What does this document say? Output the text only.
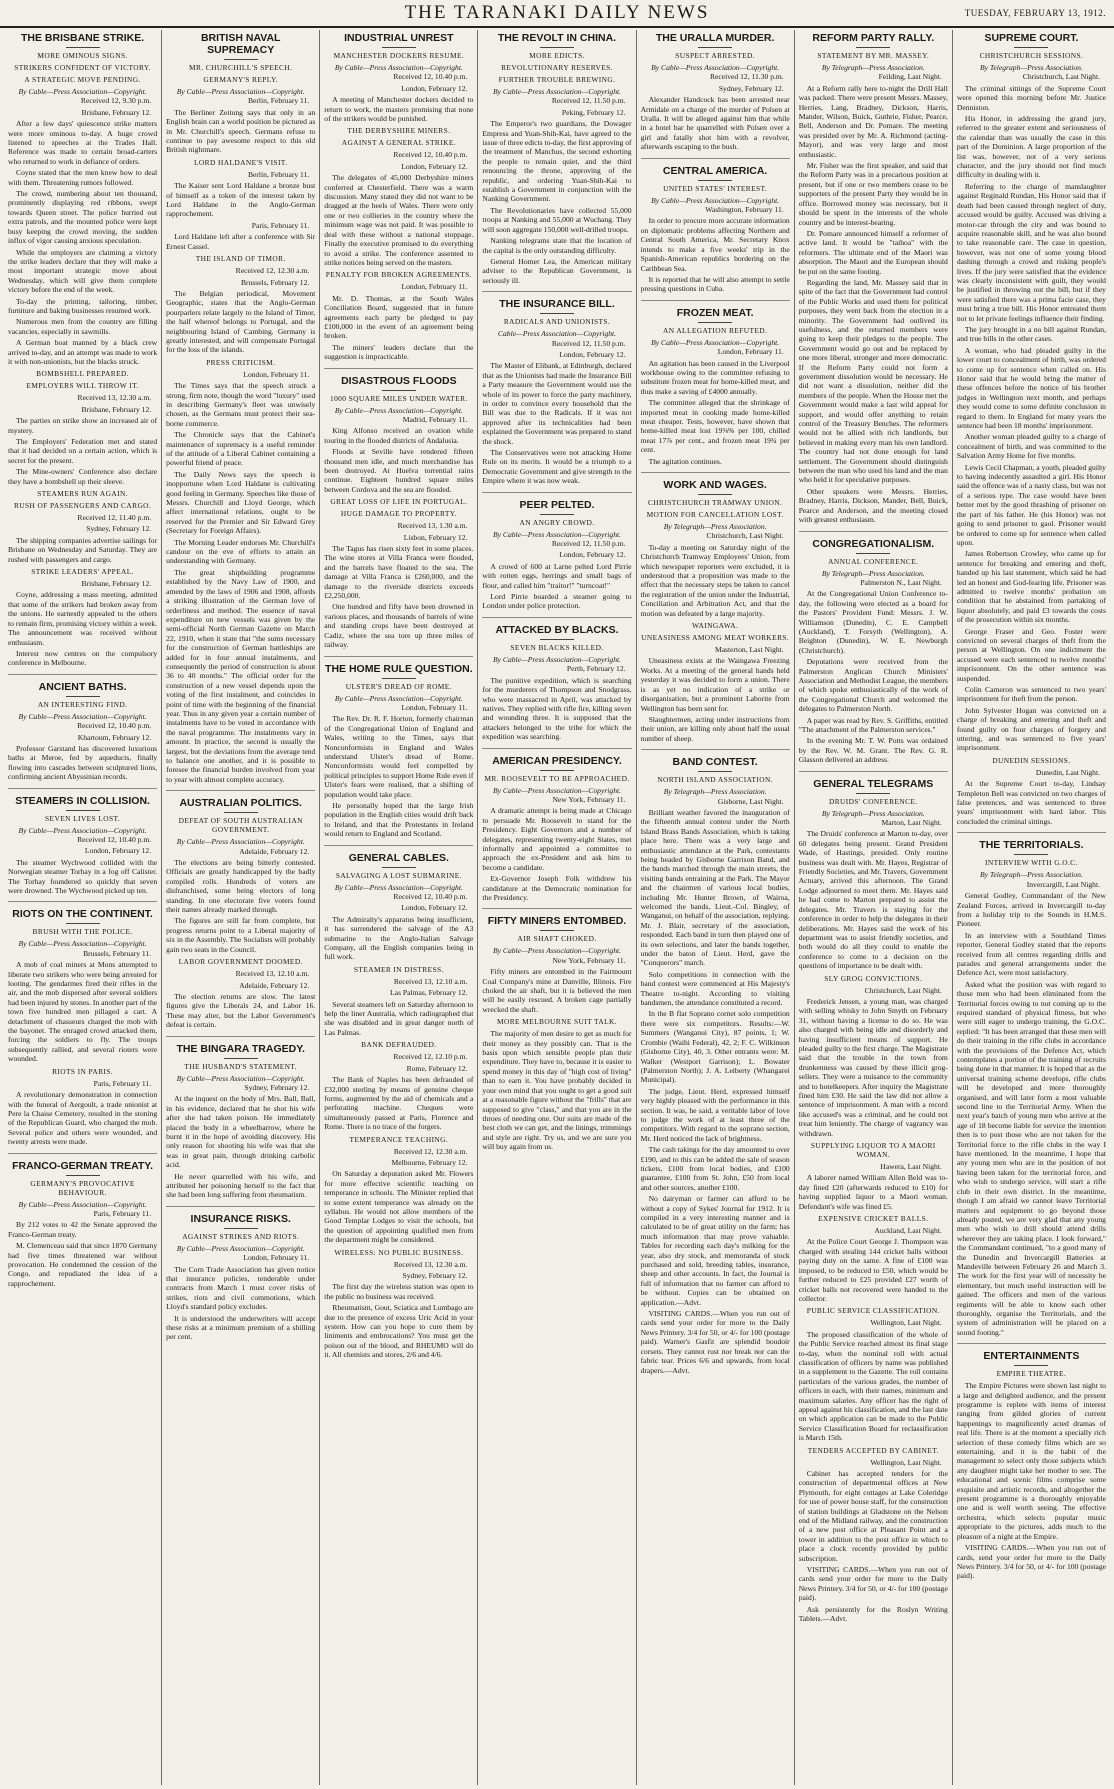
THE TARANAKI DAILY NEWS	TUESDAY, FEBRUARY 13, 1912.
THE BRISBANE STRIKE.
MORE OMINOUS SIGNS.
STRIKERS CONFIDENT OF VICTORY.
A STRATEGIC MOVE PENDING.
By Cable—Press Association—Copyright.
Received 12, 9.30 p.m.
Brisbane, February 12.
After a few days' quiescence strike matters were more ominous to-day. A huge crowd listened to speeches at the Trades Hall. Reference was made to certain broad-carters who returned to work in defiance of orders.
Coyne stated that the men knew how to deal with them. Threatening rumors followed.
The crowd, numbering about ten thousand, prominently displaying red ribbons, swept towards Queen street. The police hurried out extra patrols, and the mounted police were kept busy keeping the crowd moving, the sudden influx of vigor causing anxious speculation.
While the employers are claiming a victory the strike leaders declare that they will make a most important strategic move about Wednesday, which will give them complete victory before the end of the week.
To-day the printing, tailoring, timber, furniture and baking businesses resumed work.
Numerous men from the country are filling vacancies, especially in sawmills.
A German boat manned by a black crew arrived to-day, and an attempt was made to work it with non-unionists, but the blacks struck.
BOMBSHELL PREPARED.
EMPLOYERS WILL THROW IT.
Received 13, 12.30 a.m.
Brisbane, February 12.
The parties on strike show an increased air of mystery.
The Employers' Federation met and stated that it had decided on a certain action, which is secret for the present.
The Mine-owners' Conference also declare they have a bombshell up their sleeve.
STEAMERS RUN AGAIN.
RUSH OF PASSENGERS AND CARGO.
Received 12, 11.40 p.m.
Sydney, February 12.
The shipping companies advertise sailings for Brisbane on Wednesday and Saturday. They are rushed with passengers and cargo.
STRIKE LEADERS' APPEAL.
Brisbane, February 12.
Coyne, addressing a mass meeting, admitted that some of the strikers had broken away from the unions. He earnestly appealed to the others to remain firm, promising victory within a week. The announcement was received without enthusiasm.
Interest now centres on the compulsory conference in Melbourne.
ANCIENT BATHS.
AN INTERESTING FIND.
By Cable—Press Association—Copyright.
Received 12, 10.40 p.m.
Khartoum, February 12.
Professor Garstand has discovered luxurious baths at Meroe, fed by aqueducts, finally flowing into cascades between sculptured lions, confirming ancient Abyssinian records.
STEAMERS IN COLLISION.
SEVEN LIVES LOST.
By Cable—Press Association—Copyright.
Received 12, 10.40 p.m.
London, February 12.
The steamer Wychwood collided with the Norwegian steamer Torhay in a fog off Calister. The Torhay foundered so quickly that seven were drowned. The Wychwood picked up ten.
RIOTS ON THE CONTINENT.
BRUSH WITH THE POLICE.
By Cable—Press Association—Copyright.
Brussels, February 11.
A mob of coal miners at Mons attempted to liberate two strikers who were being arrested for looting. The gendarmes fired their rifles in the air, and the mob dispersed after several soldiers had been injured by stones. In another part of the town five hundred men pillaged a cart. A detachment of chasseurs charged the mob with the bayonet. The enraged crowd attacked them, forcing the soldiers to fly. The troops subsequently rallied, and several rioters were wounded.
RIOTS IN PARIS.
Paris, February 11.
A revolutionary demonstration in connection with the funeral of Aergoult, a trade unionist at Pere la Chaise Cemetery, resulted in the stoning of the Republican Guard, who charged the mob. Several police and others were wounded, and twenty arrests were made.
FRANCO-GERMAN TREATY.
GERMANY'S PROVOCATIVE BEHAVIOUR.
By Cable—Press Association—Copyright.
Paris, February 11.
By 212 votes to 42 the Senate approved the Franco-German treaty.
M. Clemenceau said that since 1870 Germany had five times threatened war without provocation. He condemned the cession of the Congo, and repudiated the idea of a rapprochement.
BRITISH NAVAL SUPREMACY
MR. CHURCHILL'S SPEECH.
GERMANY'S REPLY.
By Cable—Press Association—Copyright.
Berlin, February 11.
The Berliner Zeitung says that only in an English brain can a world position be pictured as in Mr. Churchill's speech. Germans refuse to continue to pay awesome respect to this old British nightmare.
LORD HALDANE'S VISIT.
Berlin, February 11.
The Kaiser sent Lord Haldane a bronze bust of himself as a token of the interest taken by Lord Haldane in the Anglo-German rapprochement.
Paris, February 11.
Lord Haldane left after a conference with Sir Ernest Cassel.
THE ISLAND OF TIMOR.
Received 12, 12.30 a.m.
Brussels, February 12.
The Belgian periodical, Movement Geographic, states that the Anglo-German pourparlers relate largely to the Island of Timor, the half whereof belongs to Portugal, and the neighbouring Island of Cambing. Germany is greatly interested, and will compensate Portugal for the loss of the islands.
PRESS CRITICISM.
London, February 11.
The Times says that the speech struck a strong, firm note, though the word "luxury" used in describing Germany's fleet was unwisely chosen, as the Germans must protect their sea-borne commerce.
The Chronicle says that the Cabinet's maintenance of supremacy is a useful reminder of the attitude of a Liberal Cabinet containing a powerful friend of peace.
The Daily News says the speech is inopportune when Lord Haldane is cultivating good feeling in Germany. Speeches like those of Messrs. Churchill and Lloyd George, which affect international relations, ought to be reserved for the Premier and Sir Edward Grey (Secretary for Foreign Affairs).
The Morning Leader endorses Mr. Churchill's candour on the eve of efforts to attain an understanding with Germany.
The great shipbuilding programme established by the Navy Law of 1900, and amended by the laws of 1906 and 1908, affords a striking illustration of the German love of orderliness and method. The essence of naval expenditure on new vessels was given by the semi-official North German Gazette on March 22, 1910, when it state that "the sums necessary for the construction of German battleships are added for in four annual instalments, and consequently the period of construction is about 36 to 40 months." The official order for the construction of a new vessel depends upon the voting of the first instalment, and coincides in point of time with the beginning of the financial year. Thus in any given year a certain number of instalments have to be voted in accordance with the naval programme. The instalments vary in amount. In practice, the second is usually the largest, but the deviations from the average tend to balance one another, and it is possible to foresee the financial burden involved from year to year with almost complete accuracy.
AUSTRALIAN POLITICS.
DEFEAT OF SOUTH AUSTRALIAN GOVERNMENT.
By Cable—Press Association—Copyright.
Adelaide, February 12.
The elections are being bitterly contested. Officials are greatly handicapped by the badly compiled rolls. Hundreds of voters are disfranchised, some being electors of long standing. In one electorate five voters found their names already marked through.
The figures are still far from complete, but progress returns point to a Liberal majority of six in the Assembly. The Socialists will probably gain two seats in the Council.
LABOR GOVERNMENT DOOMED.
Received 13, 12.10 a.m.
Adelaide, February 12.
The election returns are slow. The latest figures give the Liberals 24, and Labor 16. These may alter, but the Labor Government's defeat is certain.
THE BINGARA TRAGEDY.
THE HUSBAND'S STATEMENT.
By Cable—Press Association—Copyright.
Sydney, February 12.
At the inquest on the body of Mrs. Ball, Ball, in his evidence, declared that he shot his wife after she had taken poison. He immediately placed the body in a wheelbarrow, where he burnt it in the hope of avoiding discovery. His only reason for shooting his wife was that she was in great pain, through drinking carbolic acid.
He never quarrelled with his wife, and attributed her poisoning herself to the fact that she had been long suffering from rheumatism.
INSURANCE RISKS.
AGAINST STRIKES AND RIOTS.
By Cable—Press Association—Copyright.
London, February 11.
The Corn Trade Association has given notice that insurance policies, tenderable under contracts from March 1 must cover risks of strikes, riots and civil commotions, which Lloyd's standard policy excludes.
It is understood the underwriters will accept these risks at a minimum premium of a shilling per cent.
INDUSTRIAL UNREST
MANCHESTER DOCKERS RESUME.
By Cable—Press Association—Copyright.
Received 12, 10.40 p.m.
London, February 12.
A meeting of Manchester dockers decided to return to work, the masters promising that none of the strikers would be punished.
THE DERBYSHIRE MINERS.
AGAINST A GENERAL STRIKE.
Received 12, 10.40 p.m.
London, February 12.
The delegates of 45,000 Derbyshire miners conferred at Chesterfield. There was a warm discussion. Many stated they did not want to be dragged at the heels of Wales. There were only one or two collieries in the country where the minimum wage was not paid. It was possible to deal with these without a national stoppage. Finally the executive promised to do everything to avoid a strike. The conference assented to strike notices being served on the masters.
PENALTY FOR BROKEN AGREEMENTS.
London, February 11.
Mr. D. Thomas, at the South Wales Conciliation Board, suggested that in future agreements each party be pledged to pay £100,000 in the event of an agreement being broken.
The miners' leaders declare that the suggestion is impracticable.
DISASTROUS FLOODS
1000 SQUARE MILES UNDER WATER.
By Cable—Press Association—Copyright.
Madrid, February 11.
King Alfonso received an ovation while touring in the flooded districts of Andalusia.
Floods at Seville have rendered fifteen thousand men idle, and much merchandise has been destroyed. At Huelva torrential rains continue. Eighteen hundred square miles between Cordova and the sea are flooded.
GREAT LOSS OF LIFE IN PORTUGAL.
HUGE DAMAGE TO PROPERTY.
Received 13, 1.30 a.m.
Lisbon, February 12.
The Tagus has risen sixty feet in some places. The wine stores at Villa Franca were flooded, and the barrels have floated to the sea. The damage at Villa Franca is £260,000, and the damage to the riverside districts exceeds £2,250,000.
One hundred and fifty have been drowned in various places, and thousands of barrels of wine and standing crops have been destroyed at Cadiz, where the sea tore up three miles of railway.
THE HOME RULE QUESTION.
ULSTER'S DREAD OF ROME.
By Cable—Press Association—Copyright.
London, February 11.
The Rev. Dr. R. F. Horton, formerly chairman of the Congregational Union of England and Wales, writing to the Times, says that Nonconformists in England and Wales understand Ulster's dread of Rome. Nonconformists would feel compelled by political principles to support Home Rule even if Ulster's fears were realised, that a shifting of population would take place.
He personally hoped that the large Irish population in the English cities would drift back to Ireland, and that the Protestants in Ireland would return to England and Scotland.
GENERAL CABLES.
SALVAGING A LOST SUBMARINE.
By Cable—Press Association—Copyright.
Received 12, 10.40 p.m.
London, February 12.
The Admiralty's apparatus being insufficient, it has surrendered the salvage of the A3 submarine to the Anglo-Italian Salvage Company, all the English companies being in full work.
STEAMER IN DISTRESS.
Received 13, 12.10 a.m.
Las Palmas, February 12.
Several steamers left on Saturday afternoon to help the liner Australia, which radiographed that she was disabled and in great danger north of Las Palmas.
BANK DEFRAUDED.
Received 12, 12.10 p.m.
Rome, February 12.
The Bank of Naples has been defrauded of £32,000 sterling by means of genuine cheque forms, augmented by the aid of chemicals and a perforating machine. Cheques were simultaneously passed at Paris, Florence and Rome. There is no trace of the forgers.
TEMPERANCE TEACHING.
Received 12, 12.30 a.m.
Melbourne, February 12.
On Saturday a deputation asked Mr. Flowers for more effective scientific teaching on temperance in schools. The Minister replied that to some extent temperance was already on the syllabus. He would not allow members of the Good Templar Lodges to visit the schools, but the question of appointing qualified men from the department might be considered.
WIRELESS: NO PUBLIC BUSINESS.
Received 13, 12.30 a.m.
Sydney, February 12.
The first day the wireless station was open to the public no business was received.
Rheumatism, Gout, Sciatica and Lumbago are due to the presence of excess Uric Acid in your system. How can you hope to cure them by liniments and embrocations? You must get the poison out of the blood, and RHEUMO will do it. All chemists and stores, 2/6 and 4/6.
THE REVOLT IN CHINA.
MORE EDICTS.
REVOLUTIONARY RESERVES.
FURTHER TROUBLE BREWING.
By Cable—Press Association—Copyright.
Received 12, 11.50 p.m.
Peking, February 12.
The Emperor's two guardians, the Dowager Empress and Yuan-Shih-Kai, have agreed to the issue of three edicts to-day, the first approving of the treatment of Manchus, the second exhorting the people to remain quiet, and the third renouncing the throne, approving of the republic, and ordering Yuan-Shih-Kai to establish a Government in conjunction with the Nanking Government.
The Revolutionaries have collected 55,000 troops at Nanking and 55,000 at Wuchang. They will soon aggregate 150,000 well-drilled troops.
Nanking telegrams state that the location of the capital is the only outstanding difficulty.
General Homer Lea, the American military adviser to the Republican Government, is seriously ill.
THE INSURANCE BILL.
RADICALS AND UNIONISTS.
Cable—Press Association—Copyright.
Received 12, 11.50 p.m.
London, February 12.
The Master of Elibank, at Edinburgh, declared that as the Unionists had made the Insurance Bill a Party measure the Government would use the whole of its power to force the party machinery, in order to convince every household that the Bill was due to the Radicals. If it was not approved after its technicalities had been explained the Government was prepared to stand the shock.
The Conservatives were not attacking Home Rule on its merits. It would be a triumph to a Democratic Government and give strength to the Empire where it was now weak.
PEER PELTED.
AN ANGRY CROWD.
By Cable—Press Association—Copyright.
Received 12, 11.50 p.m.
London, February 12.
A crowd of 600 at Larne pelted Lord Pirrie with rotten eggs, herrings and small bags of flour, and called him "traitor!" "turncoat!"
Lord Pirrie boarded a steamer going to London under police protection.
ATTACKED BY BLACKS.
SEVEN BLACKS KILLED.
By Cable—Press Association—Copyright.
Perth, February 12.
The punitive expedition, which is searching for the murderers of Thompson and Snodgrass, who were massacred in April, was attacked by natives. They replied with rifle fire, killing seven and wounding three. It is supposed that the attackers belonged to the tribe for which the expedition was searching.
AMERICAN PRESIDENCY.
MR. ROOSEVELT TO BE APPROACHED.
By Cable—Press Association—Copyright.
New York, February 11.
A dramatic attempt is being made at Chicago to persuade Mr. Roosevelt to stand for the Presidency. Eight Governors and a number of delegates, representing twenty-eight States, met informally and appointed a committee to approach the ex-President and ask him to become a candidate.
Ex-Governor Joseph Folk withdrew his candidature at the Democratic nomination for the Presidency.
FIFTY MINERS ENTOMBED.
AIR SHAFT CHOKED.
By Cable—Press Association—Copyright.
New York, February 11.
Fifty miners are entombed in the Fairmount Coal Company's mine at Danville, Illinois. Fire choked the air shaft, but it is believed the men will be easily rescued. A broken cage partially wrecked the shaft.
MORE MELBOURNE SUIT TALK.
The majority of men desire to get as much for their money as they possibly can. That is the basis upon which sensible people plan their expenditure. They have to, because it is easier to spend money in this day of "high cost of living" than to earn it. You have probably decided in your own mind that you ought to get a good suit at a reasonable figure without the "frills" that are supposed to give "class," and that you are in the throes of needing one. Our suits are made of the best cloth we can get, and the linings, trimmings and style are right. Try us, and we are sure you will buy again from us.
THE URALLA MURDER.
SUSPECT ARRESTED.
By Cable—Press Association—Copyright.
Received 12, 11.30 p.m.
Sydney, February 12.
Alexander Handcock has been arrested near Armidale on a charge of the murder of Polsen at Uralla. It will be alleged against him that while in a hotel bar he quarrelled with Polsen over a girl and fatally shot him with a revolver, afterwards escaping to the bush.
CENTRAL AMERICA.
UNITED STATES' INTEREST.
By Cable—Press Association—Copyright.
Washington, February 11.
In order to procure more accurate information on diplomatic problems affecting Northern and Central South America, Mr. Secretary Knox intends to make a five weeks' trip in the Spanish-American republics bordering on the Caribbean Sea.
It is reported that he will also attempt to settle pressing questions in Cuba.
FROZEN MEAT.
AN ALLEGATION REFUTED.
By Cable—Press Association—Copyright.
London, February 11.
An agitation has been caused in the Liverpool workhouse owing to the committee refusing to substitute frozen meat for home-killed meat, and thus make a saving of £4000 annually.
The committee alleged that the shrinkage of imported meat in cooking made home-killed meat cheaper. Tests, however, have shown that home-killed meat lost 19⅝% per 100, chilled meat 17⅞ per cent., and frozen meat 19¾ per cent.
The agitation continues.
WORK AND WAGES.
CHRISTCHURCH TRAMWAY UNION.
MOTION FOR CANCELLATION LOST.
By Telegraph—Press Association.
Christchurch, Last Night.
To-day a meeting on Saturday night of the Christchurch Tramway Employees' Union, from which newspaper reporters were excluded, it is understood that a proposition was made to the effect that the necessary steps be taken to cancel the registration of the union under the Industrial, Conciliation and Arbitration Act, and that the motion was defeated by a large majority.
WAINGAWA.
UNEASINESS AMONG MEAT WORKERS.
Masterton, Last Night.
Uneasiness exists at the Waingawa Freezing Works. At a meeting of the general hands held yesterday it was decided to form a union. There is as yet no indication of a strike or disorganisation, but a prominent Laborite from Wellington has been sent for.
Slaughtermen, acting under instructions from their union, are killing only about half the usual number of sheep.
BAND CONTEST.
NORTH ISLAND ASSOCIATION.
By Telegraph—Press Association.
Gisborne, Last Night.
Brilliant weather favored the inauguration of the fifteenth annual contest under the North Island Brass Bands Association, which is taking place here. There was a very large and enthusiastic attendance at the Park, contestants being headed by Gisborne Garrison Band, and the bands marched through the main streets, the visiting bands entraining at the Park. The Mayor and the chairmen of various local bodies, including Mr. Hunter Brown, of Wairoa, welcomed the bands, Lieut.-Col. Bingley, of Wanganui, on behalf of the association, replying. Mr. J. Blair, secretary of the association, responded. Each band in turn then played one of its own selections, and later the bands together, under the baton of Lieut. Herd, gave the "Conquerors" march.
Solo competitions in connection with the band contest were commenced at His Majesty's Theatre to-night. According to visiting bandsmen, the attendance constituted a record.
In the B flat Soprano cornet solo competition there were six competitors. Results:—W. Summers (Wanganui City), 87 points, 1; W. Crombie (Waihi Federal), 42, 2; F. C. Wilkinson (Gisborne City), 40, 3. Other entrants were: M. Walker (Westport Garrison); L. Bowater (Palmerston North); J. A. Leiberty (Whangarei Municipal).
The judge, Lieut. Herd, expressed himself very highly pleased with the performance in this section. It was, he said, a veritable labor of love to judge the work of at least three of the competitors. With regard to the soprano section, Mr. Herd noticed the lack of brightness.
The cash takings for the day amounted to over £190, and to this can be added the sale of season tickets, £100 from local bodies, and £100 guarantee, £100 from St. John, £50 from local and other sources, another £100.
No dairyman or farmer can afford to be without a copy of Sykes' Journal for 1912. It is compiled in a very interesting manner and is calculated to be of great utility on the farm; has much information that may prove valuable. Tables for recording each day's milking for the year, also dry stock, and memoranda of stock purchased and sold, breeding tables, insurance, sheep and other accounts. In fact, the Journal is full of information that no farmer can afford to be without. Copies can be obtained on application.—Advt.
VISITING CARDS.—When you run out of cards send your order for more to the Daily News Printery. 3/4 for 50, or 4/- for 100 (postage paid). Warner's Gasfit are splendid boudoir corsets. They cannot rust nor break nor can the fabric tear. Prices 6/6 and upwards, from local drapers.—Advt.
REFORM PARTY RALLY.
STATEMENT BY MR. MASSEY.
By Telegraph—Press Association.
Feilding, Last Night.
At a Reform rally here to-night the Drill Hall was packed. There were present Messrs. Massey, Herries, Lang, Bradney, Dickson, Harris, Mander, Wilson, Buick, Guthrie, Fisher, Pearce, Bell, Anderson and Dr. Pomare. The meeting was presided over by Mr. A. Richmond (acting-Mayor), and was very large and most enthusiastic.
Mr. Fisher was the first speaker, and said that the Reform Party was in a precarious position at present, but if one or two members cease to be supporters of the present Party they would be in office. Borrowed money was necessary, but it should be spent in the interests of the whole country and be interest-bearing.
Dr. Pomare announced himself a reformer of active land. It would be "taihoa" with the reformers. The ultimate end of the Maori was absorption. The Maori and the European should be put on the same footing.
Regarding the land, Mr. Massey said that in spite of the fact that the Government had control of the Public Works and used them for political purposes, they went back from the election in a minority. The Government had outlived its usefulness, and the returned members were going to keep their pledges to the people. The Government would go out and be replaced by one more liberal, stronger and more democratic. If the Reform Party could not form a government dissolution would be necessary. He did not want a dissolution, neither did the members of the people. When the House met the Government would make a last wild appeal for support, and would offer anything to retain control of the Treasury Benches. The reformers would not be allied with rich landlords, but believed in making every man his own landlord. The country had not done enough for land settlement. The Government should distinguish between the man who used his land and the man who held it for speculative purposes.
Other speakers were Messrs. Herries, Bradney, Harris, Dickson, Mander, Bell, Buick, Pearce and Anderson, and the meeting closed with greatest enthusiasm.
CONGREGATIONALISM.
ANNUAL CONFERENCE.
By Telegraph—Press Association.
Palmerston N., Last Night.
At the Congregational Union Conference to-day, the following were elected as a board for the Pastors' Provident Fund: Messrs. J. W. Williamson (Dunedin), C. E. Campbell (Auckland), T. Forsyth (Wellington), A. Beighton (Dunedin), W. E. Newburgh (Christchurch).
Deputations were received from the Palmerston Anglican Church Ministers' Association and Methodist League, the members of which spoke enthusiastically of the work of the Congregational Church and welcomed the delegates to Palmerston North.
A paper was read by Rev. S. Griffiths, entitled "The attachment of the Palmerston services."
In the evening Mr. T. W. Potts was ordained by the Rev. W. M. Grant. The Rev. G. R. Glasson delivered an address.
GENERAL TELEGRAMS
DRUIDS' CONFERENCE.
By Telegraph—Press Association.
Marton, Last Night.
The Druids' conference at Marton to-day, over 60 delegates being present. Grand President Wade, of Hastings, presided. Only routine business was dealt with. Mr. Hayes, Registrar of Friendly Societies, and Mr. Travers, Government Actuary, arrived this afternoon. The Grand Lodge adjourned to meet them. Mr. Hayes said he had come to Marton prepared to assist the delegates. Mr. Travers is staying for the conference in order to help the delegates in their deliberations. Mr. Hayes said the work of his department was to assist friendly societies, and both would do all they could to enable the conference to come to a decision on the questions of importance to be dealt with.
SLY GROG CONVICTIONS.
Christchurch, Last Night.
Frederick Jensen, a young man, was charged with selling whisky to John Smyth on February 31, without having a license to do so. He was also charged with being idle and disorderly and having insufficient means of support. He pleaded guilty to the first charge. The Magistrate said that the trouble in the town from drunkenness was caused by these illicit grog-sellers. They were a nuisance to the community and to hotelkeepers. After inquiry the Magistrate fined him £30. He said the law did not allow a sentence of imprisonment. A man with a record like accused's was a criminal, and he could not treat him leniently. The charge of vagrancy was withdrawn.
SUPPLYING LIQUOR TO A MAORI WOMAN.
Hawera, Last Night.
A laborer named William Allen Beld was to-day fined £20 (afterwards reduced to £10) for having supplied liquor to a Maori woman. Defendant's wife was fined £5.
EXPENSIVE CRICKET BALLS.
Auckland, Last Night.
At the Police Court George J. Thompson was charged with stealing 144 cricket balls without paying duty on the same. A fine of £100 was imposed, to be reduced to £50, which would be further reduced to £25 provided £27 worth of cricket balls not recovered were handed to the collector.
PUBLIC SERVICE CLASSIFICATION.
Wellington, Last Night.
The proposed classification of the whole of the Public Service reached almost its final stage to-day, when the nominal roll with actual classification of officers by name was published in a supplement to the Gazette. The roll contains particulars of the various grades, the number of officers in each, with their names, minimum and maximum salaries. Any officer has the right of appeal against his classification, and the last date on which application can be made to the Public Service Classification Board for reclassification is March 15th.
TENDERS ACCEPTED BY CABINET.
Wellington, Last Night.
Cabinet has accepted tenders for the construction of departmental offices at New Plymouth, for eight cottages at Lake Coleridge for use of power house staff, for the construction of station buildings at Gladstone on the Nelson end of the Midland railway, and the construction of a new post office at Pleasant Point and a tower in addition to the post office in which to place a clock recently provided by public subscription.
VISITING CARDS.—When you run out of cards send your order for more to the Daily News Printery. 3/4 for 50, or 4/- for 100 (postage paid).
Ask persistently for the Roslyn Writing Tablets.—Advt.
SUPREME COURT.
CHRISTCHURCH SESSIONS.
By Telegraph—Press Association.
Christchurch, Last Night.
The criminal sittings of the Supreme Court were opened this morning before Mr. Justice Denniston.
His Honor, in addressing the grand jury, referred to the greater extent and seriousness of the calendar than was usually the case in this part of the Dominion. A large proportion of the list was, however, not of a very serious character, and the jury should not find much difficulty in dealing with it.
Referring to the charge of manslaughter against Reginald Rundan, His Honor said that if death had been caused through neglect of duty, accused would be guilty. Accused was driving a motor-car through the city and was bound to acquire reasonable skill, and he was also bound to take reasonable care. The case in question, however, was not one of some young blood dashing through a crowd and risking people's lives. If the jury were satisfied that the evidence was clearly inconsistent with guilt, they would be justified in throwing out the bill, but if they were satisfied there was a prima facie case, they must bring a true bill. His Honor entreated them not to let private feelings influence their finding.
The jury brought in a no bill against Rundan, and true bills in the other cases.
A woman, who had pleaded guilty in the lower court to concealment of birth, was ordered to come up for sentence when called on. His Honor said that he would bring the matter of these offences before the notice of his brother judges in Wellington next month, and perhaps they would come to some definite conclusion in regard to them. In England for many years the sentence had been 18 months' imprisonment.
Another woman pleaded guilty to a charge of concealment of birth, and was committed to the Salvation Army Home for five months.
Lewis Cecil Chapman, a youth, pleaded guilty to having indecently assaulted a girl. His Honor said the offence was of a nasty class, but was not of a serious type. The case would have been better met by the good thrashing of prisoner on the part of his father. He (his Honor) was not going to send prisoner to gaol. Prisoner would be ordered to come up for sentence when called upon.
James Robertson Crowley, who came up for sentence for breaking and entering and theft, handed up his last statement, which said he had led an honest and God-fearing life. Prisoner was admitted to twelve months' probation on condition that he abstained from partaking of liquor absolutely, and paid £3 towards the costs of the prosecution within six months.
George Fraser and Geo. Foster were convicted on several charges of theft from the person at Wellington. On one indictment the accused were each sentenced to twelve months' imprisonment. On the other sentence was suspended.
Colin Cameron was sentenced to two years' imprisonment for theft from the person.
John Sylvester Hogan was convicted on a charge of breaking and entering and theft and found guilty on four charges of forgery and uttering, and was sentenced to five years' imprisonment.
DUNEDIN SESSIONS.
Dunedin, Last Night.
At the Supreme Court to-day, Lindsay Templeton Bell was convicted on two charges of false pretences, and was sentenced to three years' imprisonment with hard labor. This concluded the criminal sittings.
THE TERRITORIALS.
INTERVIEW WITH G.O.C.
By Telegraph—Press Association.
Invercargill, Last Night.
General Godley, Commandant of the New Zealand Forces, arrived in Invercargill to-day from a holiday trip to the Sounds in H.M.S. Pioneer.
In an interview with a Southland Times reporter, General Godley stated that the reports received from all centres regarding drills and parades and general arrangements under the Defence Act, were most satisfactory.
Asked what the position was with regard to those men who had been eliminated from the Territorial forces owing to not coming up to the required standard of physical fitness, but who were still eager to undergo training, the G.O.C. replied: "It has been arranged that these men will do their training in the rifle clubs in accordance with the provisions of the Defence Act, which contemplates a portion of the training of recruits being done in that manner. It is hoped that as the universal training scheme develops, rifle clubs will be developed and more thoroughly organised, and will later form a most valuable second line to the Territorial Army. When the next year's batch of young men who arrive at the age of 18 become liable for service the intention then is to post those who are not taken for the Territorial force to the rifle clubs in the way I have mentioned. In the meantime, I hope that any young men who are in the position of not having been taken for the territorial force, and who wish to undergo service, will start a rifle club in their own district. In the meantime, though I am afraid we cannot leave Territorial matters and equipment to go beyond those already posted, we are very glad that any young men who wish to drill should attend drills wherever they are taking place. I look forward," the Commandant continued, "to a good many of the Dunedin and Invercargill Batteries at Mandeville between February 26 and March 3. The work for the first year will of necessity be elementary, but much useful instruction will be gained. The officers and men of the various regiments will be able to know each other thoroughly, organise the Territorials, and the system of administration will be placed on a sound footing."
ENTERTAINMENTS
EMPIRE THEATRE.
The Empire Pictures were shown last night to a large and delighted audience, and the present programme is replete with items of interest ranging from gilded glories of current happenings to magnificently acted dramas of real life. There is at the moment a specially rich selection of these comedy films which are so entertaining, and it is the habit of the management to select only those subjects which any daughter might take her mother to see. The educational and scenic films comprise some exquisite and artistic records, and altogether the present programme is a thoroughly enjoyable one and is well worth seeing. The effective orchestra, which selects popular music appropriate to the pictures, adds much to the pleasure of a night at the Empire.
VISITING CARDS.—When you run out of cards, send your order for more to the Daily News Printery. 3/4 for 50, or 4/- for 100 (postage paid).
